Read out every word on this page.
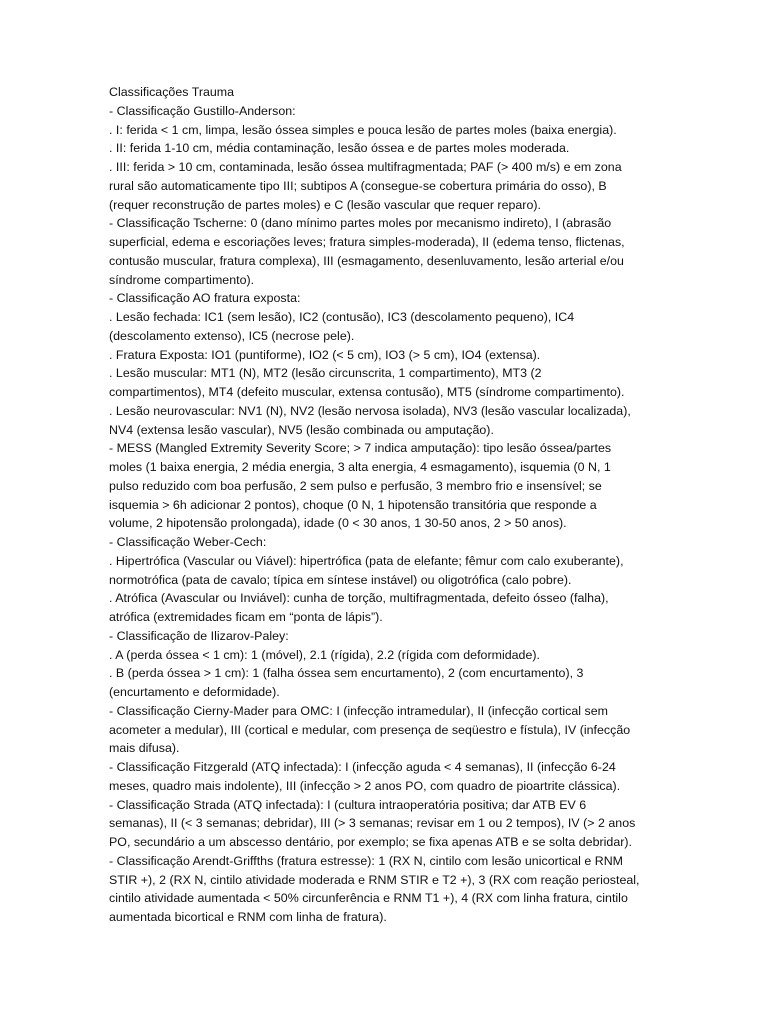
Classificações Trauma
- Classificação Gustillo-Anderson:
. I: ferida < 1 cm, limpa, lesão óssea simples e pouca lesão de partes moles (baixa energia).
. II: ferida 1-10 cm, média contaminação, lesão óssea e de partes moles moderada.
. III: ferida > 10 cm, contaminada, lesão óssea multifragmentada; PAF (> 400 m/s) e em zona
rural são automaticamente tipo III; subtipos A (consegue-se cobertura primária do osso), B
(requer reconstrução de partes moles) e C (lesão vascular que requer reparo).
- Classificação Tscherne: 0 (dano mínimo partes moles por mecanismo indireto), I (abrasão
superficial, edema e escoriações leves; fratura simples-moderada), II (edema tenso, flictenas,
contusão muscular, fratura complexa), III (esmagamento, desenluvamento, lesão arterial e/ou
síndrome compartimento).
- Classificação AO fratura exposta:
. Lesão fechada: IC1 (sem lesão), IC2 (contusão), IC3 (descolamento pequeno), IC4
(descolamento extenso), IC5 (necrose pele).
. Fratura Exposta: IO1 (puntiforme), IO2 (< 5 cm), IO3 (> 5 cm), IO4 (extensa).
. Lesão muscular: MT1 (N), MT2 (lesão circunscrita, 1 compartimento), MT3 (2
compartimentos), MT4 (defeito muscular, extensa contusão), MT5 (síndrome compartimento).
. Lesão neurovascular: NV1 (N), NV2 (lesão nervosa isolada), NV3 (lesão vascular localizada),
NV4 (extensa lesão vascular), NV5 (lesão combinada ou amputação).
- MESS (Mangled Extremity Severity Score; > 7 indica amputação): tipo lesão óssea/partes
moles (1 baixa energia, 2 média energia, 3 alta energia, 4 esmagamento), isquemia (0 N, 1
pulso reduzido com boa perfusão, 2 sem pulso e perfusão, 3 membro frio e insensível; se
isquemia > 6h adicionar 2 pontos), choque (0 N, 1 hipotensão transitória que responde a
volume, 2 hipotensão prolongada), idade (0 < 30 anos, 1 30-50 anos, 2 > 50 anos).
- Classificação Weber-Cech:
. Hipertrófica (Vascular ou Viável): hipertrófica (pata de elefante; fêmur com calo exuberante),
normotrófica (pata de cavalo; típica em síntese instável) ou oligotrófica (calo pobre).
. Atrófica (Avascular ou Inviável): cunha de torção, multifragmentada, defeito ósseo (falha),
atrófica (extremidades ficam em “ponta de lápis”).
- Classificação de Ilizarov-Paley:
. A (perda óssea < 1 cm): 1 (móvel), 2.1 (rígida), 2.2 (rígida com deformidade).
. B (perda óssea > 1 cm): 1 (falha óssea sem encurtamento), 2 (com encurtamento), 3
(encurtamento e deformidade).
- Classificação Cierny-Mader para OMC: I (infecção intramedular), II (infecção cortical sem
acometer a medular), III (cortical e medular, com presença de seqüestro e fístula), IV (infecção
mais difusa).
- Classificação Fitzgerald (ATQ infectada): I (infecção aguda < 4 semanas), II (infecção 6-24
meses, quadro mais indolente), III (infecção > 2 anos PO, com quadro de pioartrite clássica).
- Classificação Strada (ATQ infectada): I (cultura intraoperatória positiva; dar ATB EV 6
semanas), II (< 3 semanas; debridar), III (> 3 semanas; revisar em 1 ou 2 tempos), IV (> 2 anos
PO, secundário a um abscesso dentário, por exemplo; se fixa apenas ATB e se solta debridar).
- Classificação Arendt-Griffths (fratura estresse): 1 (RX N, cintilo com lesão unicortical e RNM
STIR +), 2 (RX N, cintilo atividade moderada e RNM STIR e T2 +), 3 (RX com reação periosteal,
cintilo atividade aumentada < 50% circunferência e RNM T1 +), 4 (RX com linha fratura, cintilo
aumentada bicortical e RNM com linha de fratura).
